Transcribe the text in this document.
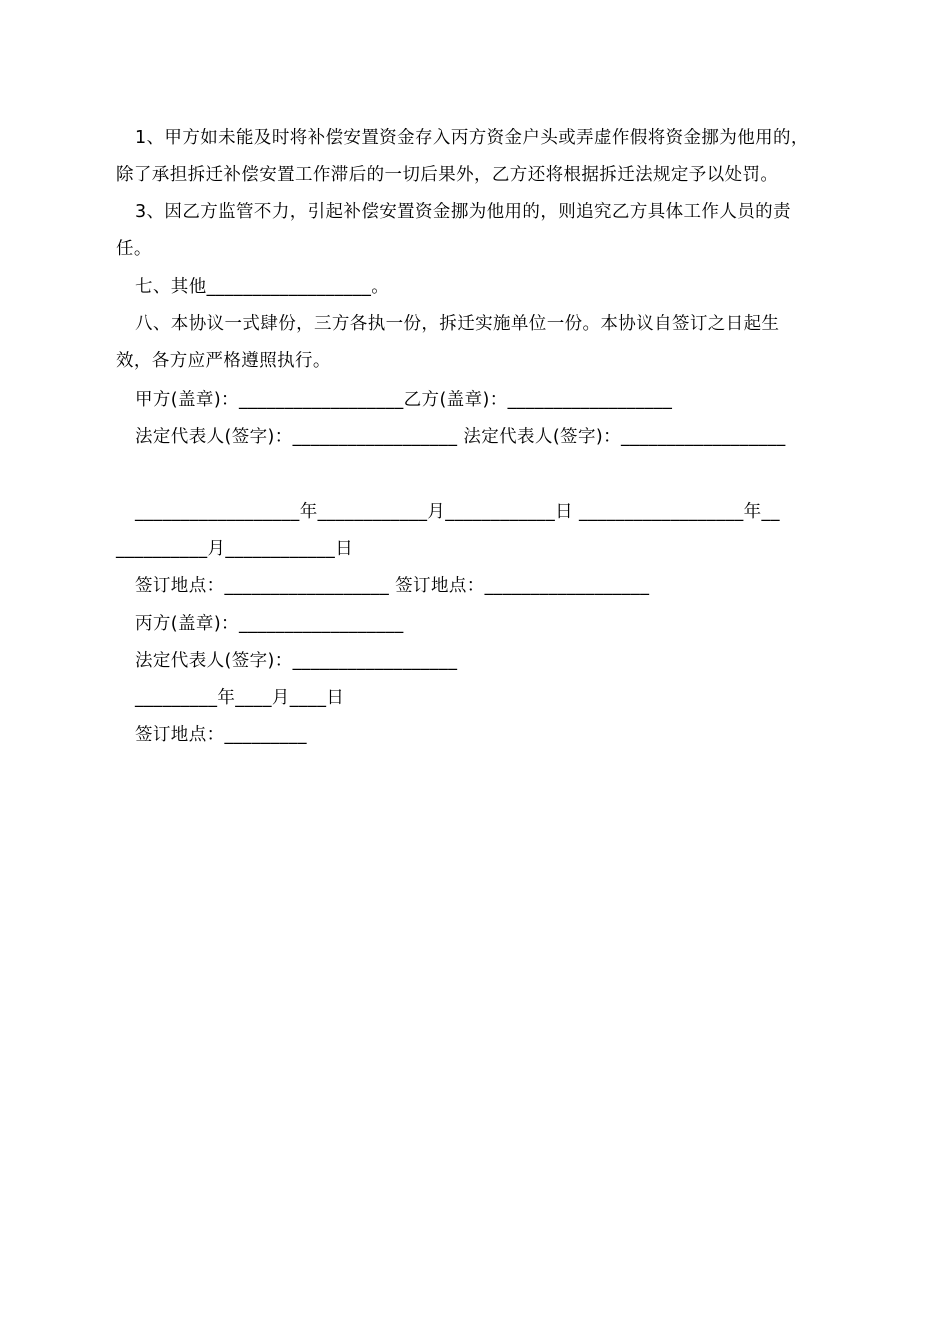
1、甲方如未能及时将补偿安置资金存入丙方资金户头或弄虚作假将资金挪为他用的，
除了承担拆迁补偿安置工作滞后的一切后果外，乙方还将根据拆迁法规定予以处罚。
3、因乙方监管不力，引起补偿安置资金挪为他用的，则追究乙方具体工作人员的责
任。
七、其他__________________。
八、本协议一式肆份，三方各执一份，拆迁实施单位一份。本协议自签订之日起生
效，各方应严格遵照执行。
甲方(盖章)：__________________乙方(盖章)：__________________
法定代表人(签字)：__________________ 法定代表人(签字)：__________________
__________________年____________月____________日 __________________年__
__________月____________日
签订地点：__________________ 签订地点：__________________
丙方(盖章)：__________________
法定代表人(签字)：__________________
_________年____月____日
签订地点：_________
